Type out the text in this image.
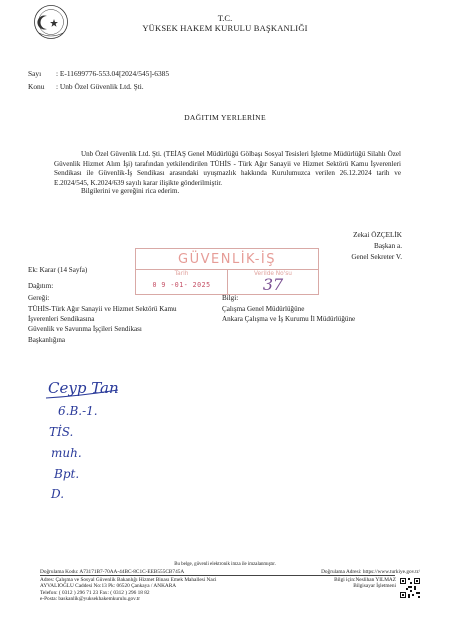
T.C.
YÜKSEK HAKEM KURULU BAŞKANLIĞI
Sayı : E-11699776-553.04[2024/545]-6385
Konu : Unb Özel Güvenlik Ltd. Şti.
DAĞITIM YERLERİNE
Unb Özel Güvenlik Ltd. Şti. (TEİAŞ Genel Müdürlüğü Gölbaşı Sosyal Tesisleri İşletme Müdürlüğü Silahlı Özel Güvenlik Hizmet Alım İşi) tarafından yetkilendirilen TÜHİS - Türk Ağır Sanayii ve Hizmet Sektörü Kamu İşverenleri Sendikası ile Güvenlik-İş Sendikası arasındaki uyuşmazlık hakkında Kurulumuzca verilen 26.12.2024 tarih ve E.2024/545, K.2024/639 sayılı karar ilişikte gönderilmiştir.
Bilgilerini ve gereğini rica ederim.
Zekai ÖZÇELİK
Başkan a.
Genel Sekreter V.
GÜVENLİK-İŞ
Tarih
0 9 -01- 2025
Verilde No'su
37
Ek: Karar (14 Sayfa)
Dağıtım:
Gereği:
TÜHİS-Türk Ağır Sanayii ve Hizmet Sektörü Kamu
İşverenleri Sendikasına
Güvenlik ve Savunma İşçileri Sendikası
Başkanlığına
Bilgi:
Çalışma Genel Müdürlüğüne
Ankara Çalışma ve İş Kurumu İl Müdürlüğüne
Ceyp Tan
6.B.-1.
TİS.
muh.
Bpt.
D.
Bu belge, güvenli elektronik imza ile imzalanmıştır.
Doğrulama Kodu: A73171B7-70AA-44BC-8C1C-EEB555CB745A	Doğrulama Adresi: https://www.turkiye.gov.tr/
Adres: Çalışma ve Sosyal Güvenlik Bakanlığı Hizmet Binası Emek Mahallesi Naci
AYVALIOĞLU Caddesi No:13 Pk: 06520 Çankaya / ANKARA
Telefon: ( 0312 ) 296 71 23 Fax: ( 0312 ) 296 18 82
e-Posta: baskanlik@yuksekhakemkurulu.gov.tr
Bilgi için:Neslihan YILMAZ
Bilgisayar İşletmeni
